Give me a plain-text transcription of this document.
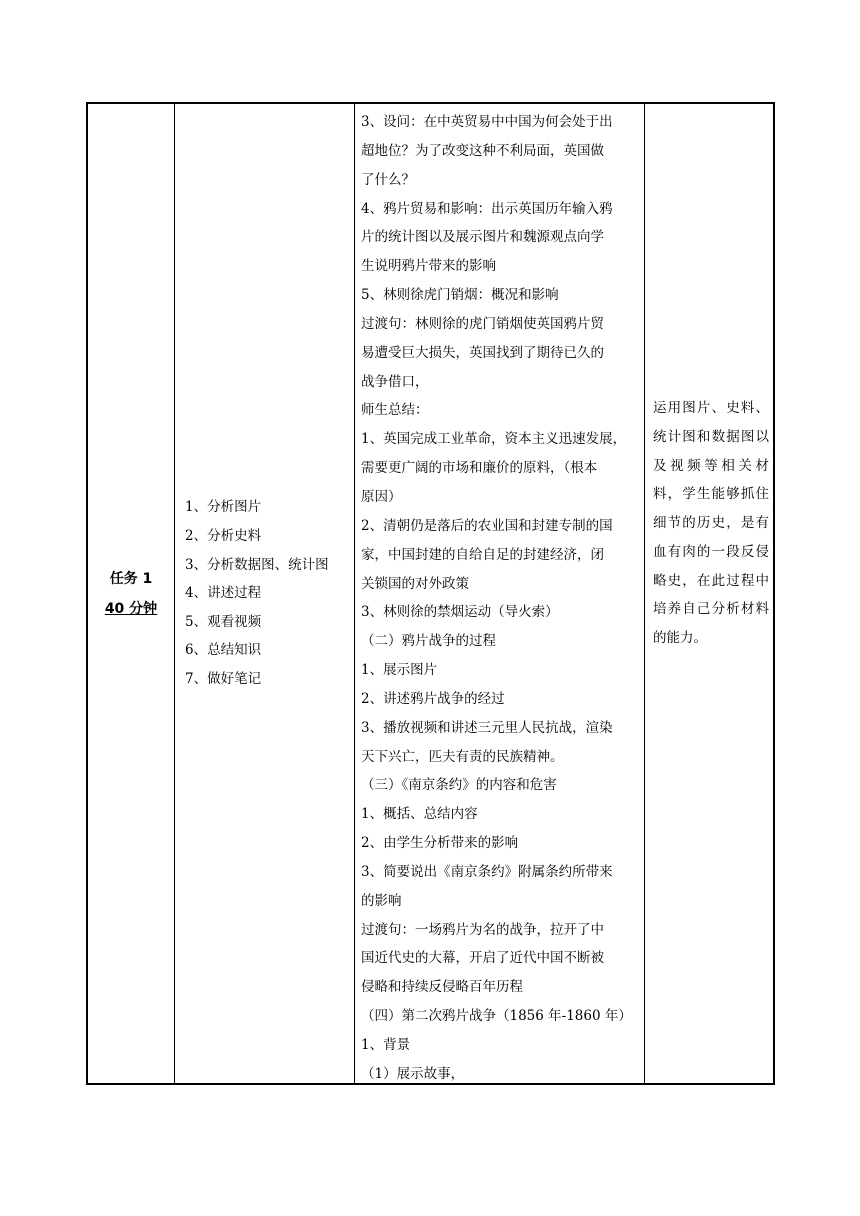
任务 1
40 分钟
1、分析图片
2、分析史料
3、分析数据图、统计图
4、讲述过程
5、观看视频
6、总结知识
7、做好笔记
3、设问：在中英贸易中中国为何会处于出
超地位？为了改变这种不利局面，英国做
了什么？
4、鸦片贸易和影响：出示英国历年输入鸦
片的统计图以及展示图片和魏源观点向学
生说明鸦片带来的影响
5、林则徐虎门销烟：概况和影响
过渡句：林则徐的虎门销烟使英国鸦片贸
易遭受巨大损失，英国找到了期待已久的
战争借口，
师生总结：
1、英国完成工业革命，资本主义迅速发展，
需要更广阔的市场和廉价的原料，（根本
原因）
2、清朝仍是落后的农业国和封建专制的国
家，中国封建的自给自足的封建经济，闭
关锁国的对外政策
3、林则徐的禁烟运动（导火索）
（二）鸦片战争的过程
1、展示图片
2、讲述鸦片战争的经过
3、播放视频和讲述三元里人民抗战，渲染
天下兴亡，匹夫有责的民族精神。
（三）《南京条约》的内容和危害
1、概括、总结内容
2、由学生分析带来的影响
3、简要说出《南京条约》附属条约所带来
的影响
过渡句：一场鸦片为名的战争，拉开了中
国近代史的大幕，开启了近代中国不断被
侵略和持续反侵略百年历程
（四）第二次鸦片战争（1856 年-1860 年）
1、背景
（1）展示故事，

运用图片、史料、统计图和数据图以及视频等相关材料，学生能够抓住细节的历史，是有血有肉的一段反侵略史，在此过程中培养自己分析材料的能力。
